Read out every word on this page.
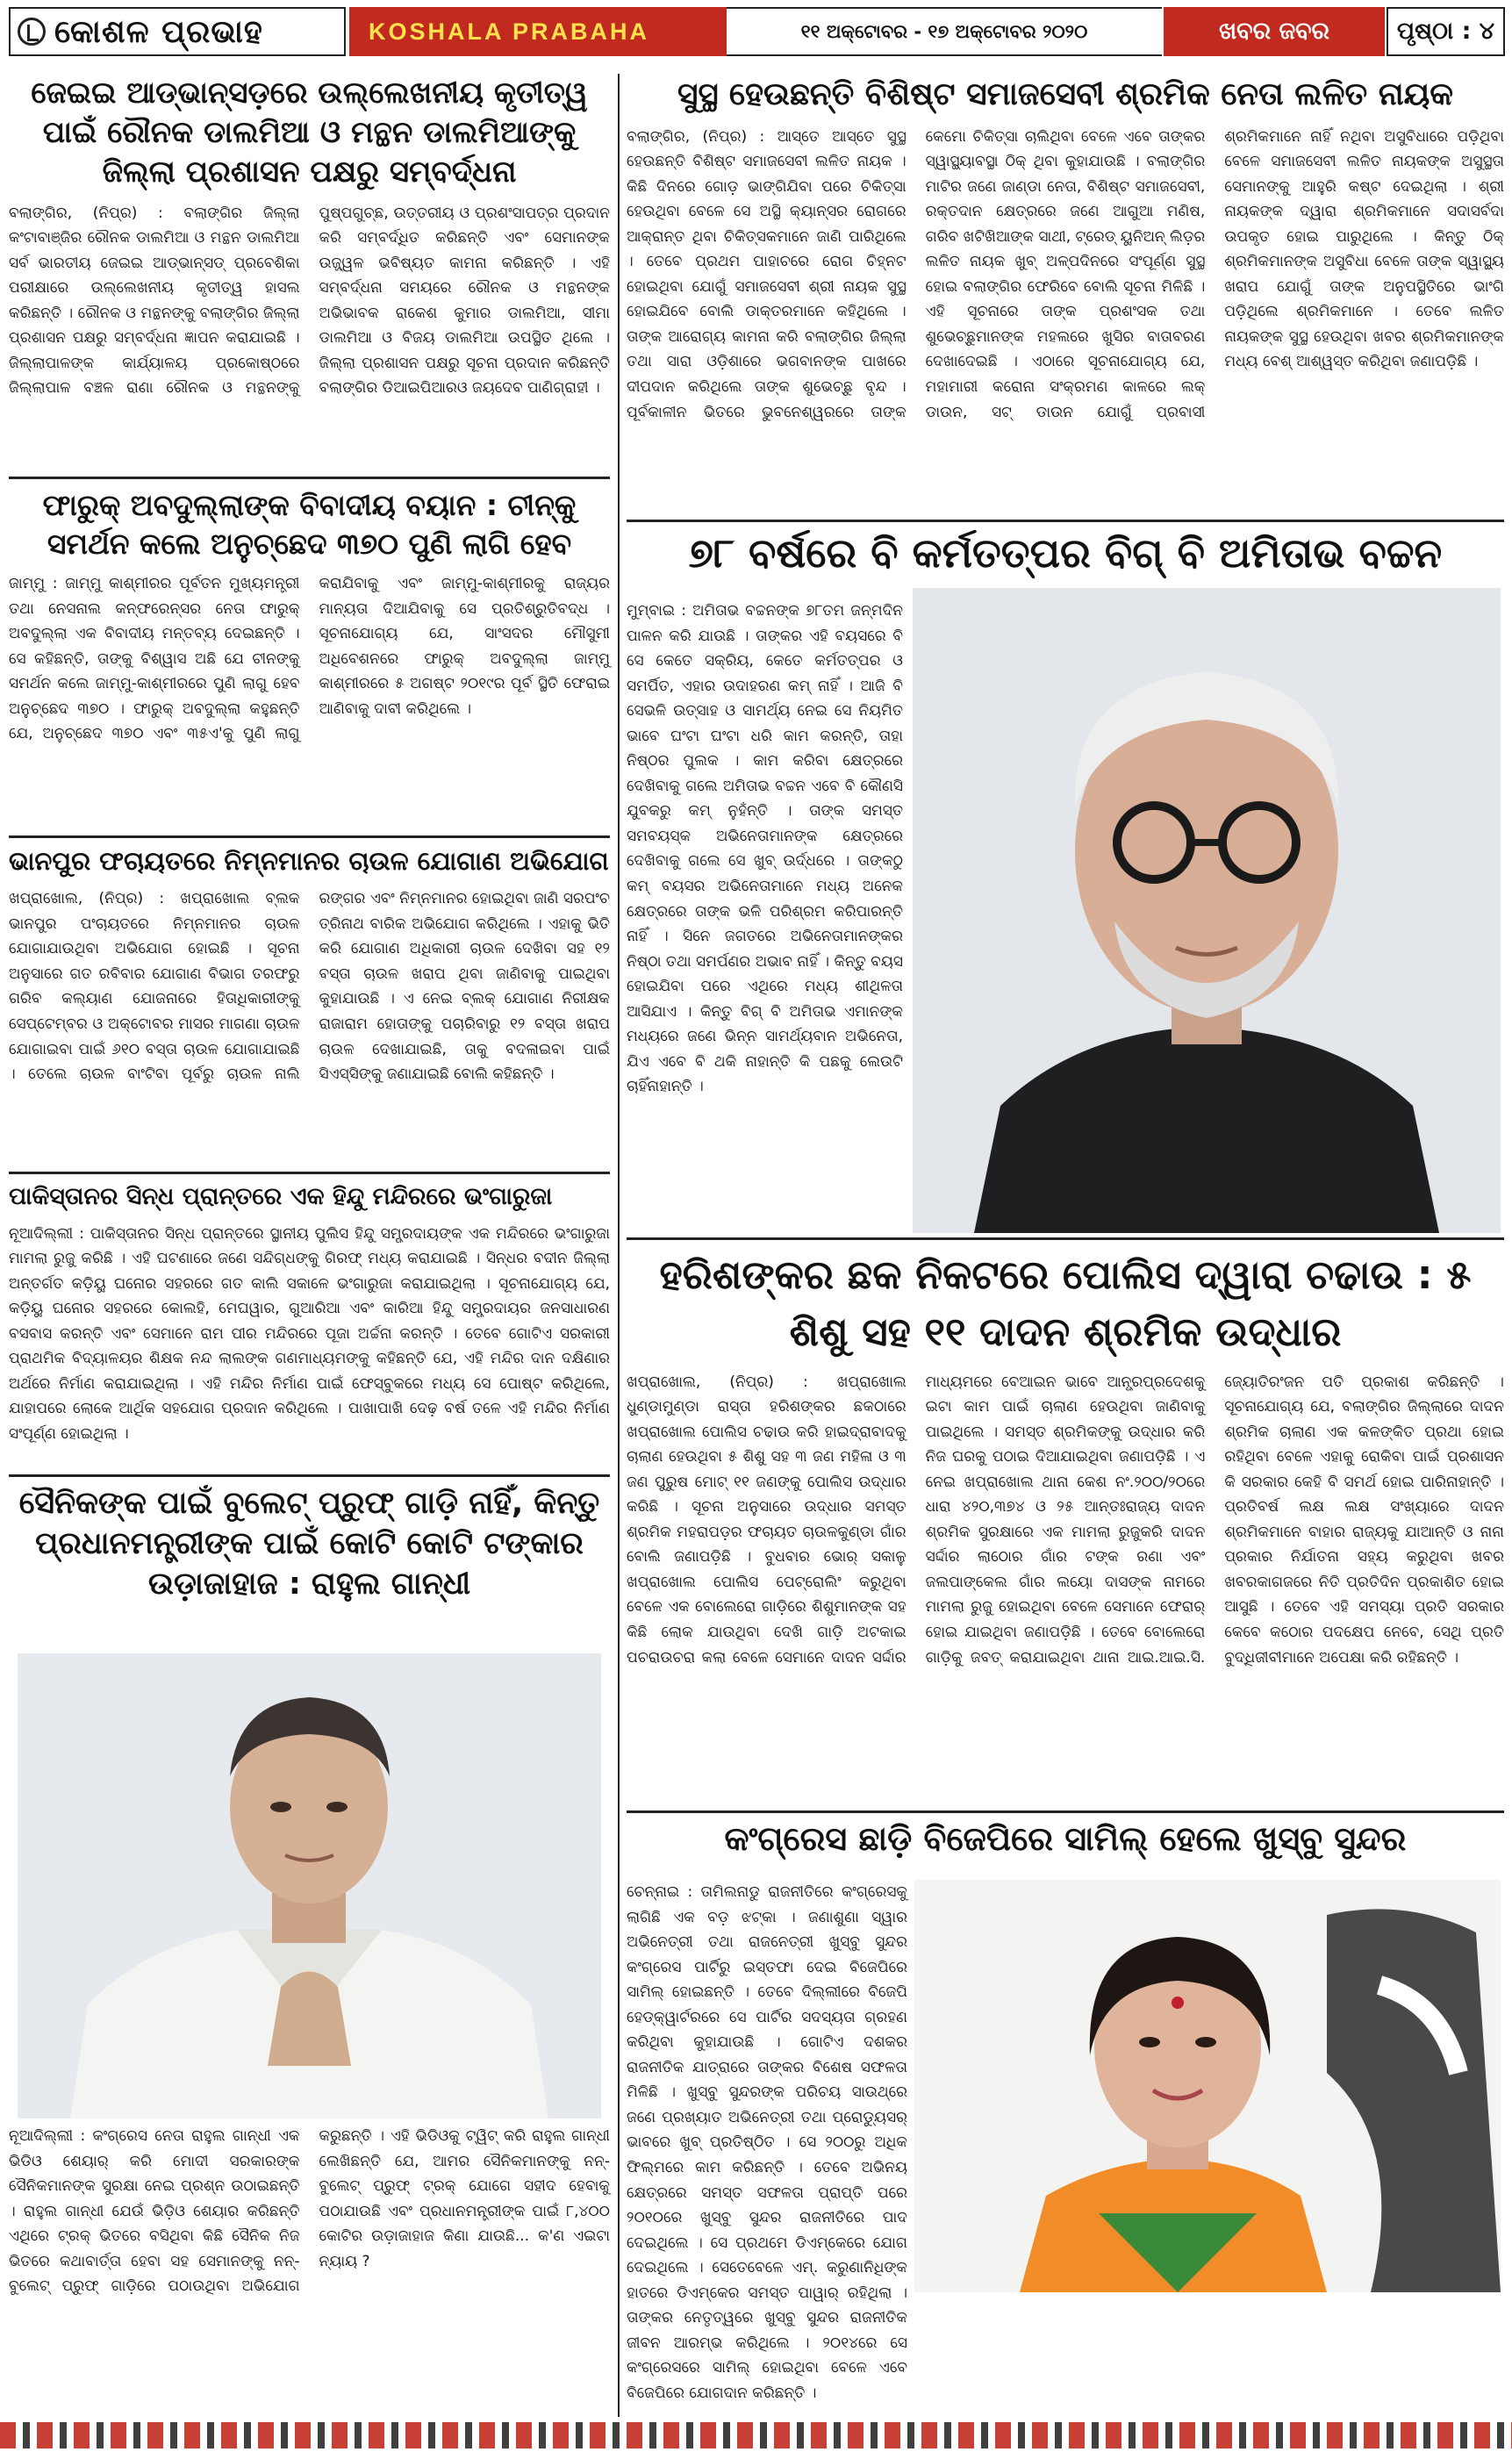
କୋଶଳ ପ୍ରଭାହ	KOSHALA PRABAHA	୧୧ ଅକ୍ଟୋବର - ୧୭ ଅକ୍ଟୋବର ୨୦୨୦	ଖବର ଜବର	ପୃଷ୍ଠା : ୪
ଜେଇଇ ଆଡ୍‌ଭାନ୍ସଡ଼ରେ ଉଲ୍ଲେଖନୀୟ କୃତୀତ୍ୱ ପାଇଁ ରୌନକ ଡାଲମିଆ ଓ ମନ୍ଥନ ଡାଲମିଆଙ୍କୁ ଜିଲ୍ଲା ପ୍ରଶାସନ ପକ୍ଷରୁ ସମ୍ବର୍ଦ୍ଧନା
ବଲାଙ୍ଗିର, (ନିପ୍ର) : ବଲାଙ୍ଗିର ଜିଲ୍ଲା କଂଟାବାଞ୍ଜିର ରୌନକ ଡାଲମିଆ ଓ ମନ୍ଥନ ଡାଲମିଆ ସର୍ବ ଭାରତୀୟ ଜେଇଇ ଆଡ୍‌ଭାନ୍ସଡ୍ ପ୍ରବେଶିକା ପରୀକ୍ଷାରେ ଉଲ୍ଲେଖନୀୟ କୃତୀତ୍ୱ ହାସଲ କରିଛନ୍ତି । ରୌନକ ଓ ମନ୍ଥନଙ୍କୁ ବଲାଙ୍ଗିର ଜିଲ୍ଲା ପ୍ରଶାସନ ପକ୍ଷରୁ ସମ୍ବର୍ଦ୍ଧନା ଜ୍ଞାପନ କରାଯାଇଛି । ଜିଲ୍ଲାପାଳଙ୍କ କାର୍ଯ୍ୟାଳୟ ପ୍ରକୋଷ୍ଠରେ ଜିଲ୍ଲାପାଳ ବଞ୍ଚଳ ରାଣା ରୌନକ ଓ ମନ୍ଥନଙ୍କୁ ପୁଷ୍ପଗୁଚ୍ଛ, ଉତ୍ତରୀୟ ଓ ପ୍ରଶଂସାପତ୍ର ପ୍ରଦାନ କରି ସମ୍ବର୍ଦ୍ଧିତ କରିଛନ୍ତି ଏବଂ ସେମାନଙ୍କ ଉଜ୍ଜ୍ୱଳ ଭବିଷ୍ୟତ କାମନା କରିଛନ୍ତି । ଏହି ସମ୍ବର୍ଦ୍ଧନା ସମୟରେ ରୌନକ ଓ ମନ୍ଥନଙ୍କ ଅଭିଭାବକ ରାକେଶ କୁମାର ଡାଲମିଆ, ସୀମା ଡାଲମିଆ ଓ ବିଜୟ ଡାଲମିଆ ଉପସ୍ଥିତ ଥିଲେ । ଜିଲ୍ଲା ପ୍ରଶାସନ ପକ୍ଷରୁ ସୂଚନା ପ୍ରଦାନ କରିଛନ୍ତି ବଲାଙ୍ଗିର ଡିଆଇପିଆରଓ ଜୟଦେବ ପାଣିଗ୍ରାହୀ ।
ଫାରୁକ୍ ଅବଦୁଲ୍ଲାଙ୍କ ବିବାଦୀୟ ବୟାନ : ଚୀନ୍‌କୁ ସମର୍ଥନ କଲେ ଅନୁଚ୍ଛେଦ ୩୭୦ ପୁଣି ଲାଗି ହେବ
ଜାମ୍ମୁ : ଜାମ୍ମୁ କାଶ୍ମୀରର ପୂର୍ବତନ ମୁଖ୍ୟମନ୍ତ୍ରୀ ତଥା ନେସନାଲ କନ୍‌ଫରେନ୍ସର ନେତା ଫାରୁକ୍ ଅବଦୁଲ୍ଲା ଏକ ବିବାଦୀୟ ମନ୍ତବ୍ୟ ଦେଇଛନ୍ତି । ସେ କହିଛନ୍ତି, ତାଙ୍କୁ ବିଶ୍ୱାସ ଅଛି ଯେ ଚୀନଙ୍କୁ ସମର୍ଥନ କଲେ ଜାମ୍ମୁ-କାଶ୍ମୀରରେ ପୁଣି ଲାଗୁ ହେବ ଅନୁଚ୍ଛେଦ ୩୭୦ । ଫାରୁକ୍ ଅବଦୁଲ୍ଲା କହୁଛନ୍ତି ଯେ, ଅନୁଚ୍ଛେଦ ୩୭୦ ଏବଂ ୩୫ଏ'କୁ ପୁଣି ଲାଗୁ କରାଯିବାକୁ ଏବଂ ଜାମ୍ମୁ-କାଶ୍ମୀରକୁ ରାଜ୍ୟର ମାନ୍ୟତା ଦିଆଯିବାକୁ ସେ ପ୍ରତିଶ୍ରୁତିବଦ୍ଧ । ସୂଚନାଯୋଗ୍ୟ ଯେ, ସାଂସଦର ମୌସୁମୀ ଅଧିବେଶନରେ ଫାରୁକ୍ ଅବଦୁଲ୍ଲା ଜାମ୍ମୁ କାଶ୍ମୀରରେ ୫ ଅଗଷ୍ଟ ୨୦୧୯ର ପୂର୍ବ ସ୍ଥିତି ଫେରାଇ ଆଣିବାକୁ ଦାବୀ କରିଥିଲେ ।
ଭାନପୁର ଫଚାୟତରେ ନିମ୍ନମାନର ଚାଉଳ ଯୋଗାଣ ଅଭିଯୋଗ
ଖପ୍ରାଖୋଲ, (ନିପ୍ର) : ଖପ୍ରାଖୋଲ ବ୍ଲକ ଭାନପୁର ପଂଚାୟତରେ ନିମ୍ନମାନର ଚାଉଳ ଯୋଗାଯାଉଥିବା ଅଭିଯୋଗ ହୋଇଛି । ସୂଚନା ଅନୁସାରେ ଗତ ରବିବାର ଯୋଗାଣ ବିଭାଗ ତରଫରୁ ଗରିବ କଲ୍ୟାଣ ଯୋଜନାରେ ହିତାଧିକାରୀଙ୍କୁ ସେପ୍ଟେମ୍ବର ଓ ଅକ୍ଟୋବର ମାସର ମାଗଣା ଚାଉଳ ଯୋଗାଇବା ପାଇଁ ୬୧୦ ବସ୍ତା ଚାଉଳ ଯୋଗାଯାଇଛି । ତେଲେ ଚାଉଳ ବାଂଟିବା ପୂର୍ବରୁ ଚାଉଳ ନାଲି ରଙ୍ଗର ଏବଂ ନିମ୍ନମାନର ହୋଇଥିବା ଜାଣି ସରପଂଚ ତ୍ରିନାଥ ବାରିକ ଅଭିଯୋଗ କରିଥିଲେ । ଏହାକୁ ଭିତି କରି ଯୋଗାଣ ଅଧିକାରୀ ଚାଉଳ ଦେଖିବା ସହ ୧୨ ବସ୍ତା ଚାଉଳ ଖରାପ ଥିବା ଜାଣିବାକୁ ପାଇଥିବା କୁହାଯାଉଛି । ଏ ନେଇ ବ୍ଲକ୍ ଯୋଗାଣ ନିରୀକ୍ଷକ ରାଜାରାମ ହୋତାଙ୍କୁ ପଚାରିବାରୁ ୧୨ ବସ୍ତା ଖରାପ ଚାଉଳ ଦେଖାଯାଇଛି, ତାକୁ ବଦଳାଇବା ପାଇଁ ସିଏସ୍‌ସିଙ୍କୁ ଜଣାଯାଇଛି ବୋଲି କହିଛନ୍ତି ।
ପାକିସ୍ତାନର ସିନ୍ଧ ପ୍ରାନ୍ତରେ ଏକ ହିନ୍ଦୁ ମନ୍ଦିରରେ ଭଂଗାରୁଜା
ନୂଆଦିଲ୍ଲୀ : ପାକିସ୍ତାନର ସିନ୍ଧ ପ୍ରାନ୍ତରେ ସ୍ଥାନୀୟ ପୁଲିସ ହିନ୍ଦୁ ସମ୍ପ୍ରଦାୟଙ୍କ ଏକ ମନ୍ଦିରରେ ଭଂଗାରୁଜା ମାମଲା ରୁଜୁ କରିଛି । ଏହି ଘଟଣାରେ ଜଣେ ସନ୍ଦିଗ୍ଧଙ୍କୁ ଗିରଫ୍ ମଧ୍ୟ କରାଯାଇଛି । ସିନ୍ଧର ବଦୀନ ଜିଲ୍ଲା ଅନ୍ତର୍ଗତ କଡ଼ିୟୁ ଘନୋର ସହରରେ ଗତ କାଲି ସକାଳେ ଭଂଗାରୁଜା କରାଯାଇଥିଲା । ସୂଚନାଯୋଗ୍ୟ ଯେ, କଡ଼ିୟୁ ଘନୋର ସହରରେ କୋଲହି, ମେଘୱାର, ଗୁଆରିଆ ଏବଂ କାରିଆ ହିନ୍ଦୁ ସମ୍ପ୍ରଦାୟର ଜନସାଧାରଣ ବସବାସ କରନ୍ତି ଏବଂ ସେମାନେ ରାମ ପୀର ମନ୍ଦିରରେ ପୂଜା ଅର୍ଚ୍ଚନା କରନ୍ତି । ତେବେ ଗୋଟିଏ ସରକାରୀ ପ୍ରାଥମିକ ବିଦ୍ୟାଳୟର ଶିକ୍ଷକ ନନ୍ଦ ଲାଲଙ୍କ ଗଣମାଧ୍ୟମଙ୍କୁ କହିଛନ୍ତି ଯେ, ଏହି ମନ୍ଦିର ଦାନ ଦକ୍ଷିଣାର ଅର୍ଥରେ ନିର୍ମାଣ କରାଯାଇଥିଲା । ଏହି ମନ୍ଦିର ନିର୍ମାଣ ପାଇଁ ଫେସ୍‌ବୁକରେ ମଧ୍ୟ ସେ ପୋଷ୍ଟ କରିଥିଲେ, ଯାହାପରେ ଲୋକେ ଆର୍ଥିକ ସହଯୋଗ ପ୍ରଦାନ କରିଥିଲେ । ପାଖାପାଖି ଦେଢ଼ ବର୍ଷ ତଳେ ଏହି ମନ୍ଦିର ନିର୍ମାଣ ସଂପୂର୍ଣ୍ଣ ହୋଇଥିଲା ।
ସୈନିକଙ୍କ ପାଇଁ ବୁଲେଟ୍ ପ୍ରୁଫ୍ ଗାଡ଼ି ନାହିଁ, କିନ୍ତୁ ପ୍ରଧାନମନ୍ତ୍ରୀଙ୍କ ପାଇଁ କୋଟି କୋଟି ଟଙ୍କାର ଉଡ଼ାଜାହାଜ : ରାହୁଲ ଗାନ୍ଧୀ
ନୂଆଦିଲ୍ଲୀ : କଂଗ୍ରେସ ନେତା ରାହୁଲ ଗାନ୍ଧୀ ଏକ ଭିଡିଓ ଶେୟାର୍ କରି ମୋଦୀ ସରକାରଙ୍କ ସୈନିକମାନଙ୍କ ସୁରକ୍ଷା ନେଇ ପ୍ରଶ୍ନ ଉଠାଇଛନ୍ତି । ରାହୁଲ ଗାନ୍ଧୀ ଯେଉଁ ଭିଡ଼ିଓ ଶେୟାର କରିଛନ୍ତି ଏଥିରେ ଟ୍ରକ୍ ଭିତରେ ବସିଥିବା କିଛି ସୈନିକ ନିଜ ଭିତରେ କଥାବାର୍ତ୍ତା ହେବା ସହ ସେମାନଙ୍କୁ ନନ୍-ବୁଲେଟ୍ ପ୍ରୁଫ୍ ଗାଡ଼ିରେ ପଠାଉଥିବା ଅଭିଯୋଗ କରୁଛନ୍ତି । ଏହି ଭିଡିଓକୁ ଟ୍ୱିଟ୍ କରି ରାହୁଲ ଗାନ୍ଧୀ ଲେଖିଛନ୍ତି ଯେ, ଆମର ସୈନିକମାନଙ୍କୁ ନନ୍-ବୁଲେଟ୍ ପ୍ରୁଫ୍ ଟ୍ରକ୍ ଯୋଗେ ସହୀଦ ହେବାକୁ ପଠାଯାଉଛି ଏବଂ ପ୍ରଧାନମନ୍ତ୍ରୀଙ୍କ ପାଇଁ ୮,୪୦୦ କୋଟିର ଉଡ଼ାଜାହାଜ କିଣା ଯାଉଛି... କ'ଣ ଏଇଟା ନ୍ୟାୟ ?
ସୁସ୍ଥ ହେଉଛନ୍ତି ବିଶିଷ୍ଟ ସମାଜସେବୀ ଶ୍ରମିକ ନେତା ଲଳିତ ନାୟକ
ବଲାଙ୍ଗିର, (ନିପ୍ର) : ଆସ୍ତେ ଆସ୍ତେ ସୁସ୍ଥ ହେଉଛନ୍ତି ବିଶିଷ୍ଟ ସମାଜସେବୀ ଲଳିତ ନାୟକ । କିଛି ଦିନରେ ଗୋଡ଼ ଭାଙ୍ଗିଯିବା ପରେ ଚିକିତ୍ସା ହେଉଥିବା ବେଳେ ସେ ଅସ୍ଥି କ୍ୟାନ୍ସର ରୋଗରେ ଆକ୍ରାନ୍ତ ଥିବା ଚିକିତ୍ସକମାନେ ଜାଣି ପାରିଥିଲେ । ତେବେ ପ୍ରଥମ ପାହାଚରେ ରୋଗ ଚିହ୍ନଟ ହୋଇଥିବା ଯୋଗୁଁ ସମାଜସେବୀ ଶ୍ରୀ ନାୟକ ସୁସ୍ଥ ହୋଇଯିବେ ବୋଲି ଡାକ୍ତରମାନେ କହିଥିଲେ । ତାଙ୍କ ଆରୋଗ୍ୟ କାମନା କରି ବଲାଙ୍ଗିର ଜିଲ୍ଲା ତଥା ସାରା ଓଡ଼ିଶାରେ ଭଗବାନଙ୍କ ପାଖରେ ଦୀପଦାନ କରିଥିଲେ ତାଙ୍କ ଶୁଭେଚ୍ଛୁ ବୃନ୍ଦ । ପୂର୍ବକାଳୀନ ଭିତରେ ଭୁବନେଶ୍ୱରରେ ତାଙ୍କ କେମୋ ଚିକିତ୍ସା ଚାଲିଥିବା ବେଳେ ଏବେ ତାଙ୍କର ସ୍ୱାସ୍ଥ୍ୟାବସ୍ଥା ଠିକ୍ ଥିବା କୁହାଯାଉଛି । ବଲାଙ୍ଗିର ମାଟିର ଜଣେ ଜାଣ୍ଡା ନେତା, ବିଶିଷ୍ଟ ସମାଜସେବୀ, ରକ୍ତଦାନ କ୍ଷେତ୍ରରେ ଜଣେ ଆଗୁଆ ମଣିଷ, ଗରିବ ଖଟିଖିଆଙ୍କ ସାଥୀ, ଟ୍ରେଡ୍ ୟୁନିଅନ୍ ଲିଡ଼ର ଲଳିତ ନାୟକ ଖୁବ୍ ଅଳ୍ପଦିନରେ ସଂପୂର୍ଣ୍ଣ ସୁସ୍ଥ ହୋଇ ବଲାଙ୍ଗିର ଫେରିବେ ବୋଲି ସୂଚନା ମିଳିଛି । ଏହି ସୂଚନାରେ ତାଙ୍କ ପ୍ରଶଂସକ ତଥା ଶୁଭେଚ୍ଛୁମାନଙ୍କ ମହଲରେ ଖୁସିର ବାତାବରଣ ଦେଖାଦେଇଛି । ଏଠାରେ ସୂଚନାଯୋଗ୍ୟ ଯେ, ମହାମାରୀ କରୋନା ସଂକ୍ରମଣ କାଳରେ ଲକ୍ ଡାଉନ, ସଟ୍ ଡାଉନ ଯୋଗୁଁ ପ୍ରବାସୀ ଶ୍ରମିକମାନେ ନାହିଁ ନଥିବା ଅସୁବିଧାରେ ପଡ଼ିଥିବା ବେଳେ ସମାଜସେବୀ ଲଳିତ ନାୟକଙ୍କ ଅସୁସ୍ଥତା ସେମାନଙ୍କୁ ଆହୁରି କଷ୍ଟ ଦେଇଥିଲା । ଶ୍ରୀ ନାୟକଙ୍କ ଦ୍ୱାରା ଶ୍ରମିକମାନେ ସଦାସର୍ବଦା ଉପକୃତ ହୋଇ ପାରୁଥିଲେ । କିନ୍ତୁ ଠିକ୍ ଶ୍ରମିକମାନଙ୍କ ଅସୁବିଧା ବେଳେ ତାଙ୍କ ସ୍ୱାସ୍ଥ୍ୟ ଖରାପ ଯୋଗୁଁ ତାଙ୍କ ଅନୁପସ୍ଥିତିରେ ଭାଂଗି ପଡ଼ିଥିଲେ ଶ୍ରମିକମାନେ । ତେବେ ଲଳିତ ନାୟକଙ୍କ ସୁସ୍ଥ ହେଉଥିବା ଖବର ଶ୍ରମିକମାନଙ୍କ ମଧ୍ୟ ବେଶ୍ ଆଶ୍ୱସ୍ତ କରିଥିବା ଜଣାପଡ଼ିଛି ।
୭୮ ବର୍ଷରେ ବି କର୍ମତତ୍ପର ବିଗ୍ ବି ଅମିତାଭ ବଚ୍ଚନ
ମୁମ୍ବାଇ : ଅମିତାଭ ବଚ୍ଚନଙ୍କ ୭୮ତମ ଜନ୍ମଦିନ ପାଳନ କରି ଯାଉଛି । ତାଙ୍କର ଏହି ବୟସରେ ବି ସେ କେତେ ସକ୍ରିୟ, କେତେ କର୍ମତତ୍ପର ଓ ସମର୍ପିତ, ଏହାର ଉଦାହରଣ କମ୍ ନାହିଁ । ଆଜି ବି ସେଭଳି ଉତ୍ସାହ ଓ ସାମର୍ଥ୍ୟ ନେଇ ସେ ନିୟମିତ ଭାବେ ଘଂଟା ଘଂଟା ଧରି କାମ କରନ୍ତି, ତାହା ନିଷ୍ଠର ପୁଲକ । କାମ କରିବା କ୍ଷେତ୍ରରେ ଦେଖିବାକୁ ଗଲେ ଅମିତାଭ ବଚ୍ଚନ ଏବେ ବି କୌଣସି ଯୁବକରୁ କମ୍ ନୁହଁନ୍ତି । ତାଙ୍କ ସମସ୍ତ ସମବୟସ୍କ ଅଭିନେତାମାନଙ୍କ କ୍ଷେତ୍ରରେ ଦେଖିବାକୁ ଗଲେ ସେ ଖୁବ୍ ଉର୍ଦ୍ଧରେ । ତାଙ୍କଠୁ କମ୍ ବୟସର ଅଭିନେତାମାନେ ମଧ୍ୟ ଅନେକ କ୍ଷେତ୍ରରେ ତାଙ୍କ ଭଳି ପରିଶ୍ରମ କରିପାରନ୍ତି ନାହିଁ । ସିନେ ଜଗତରେ ଅଭିନେତାମାନଙ୍କର ନିଷ୍ଠା ତଥା ସମର୍ପଣର ଅଭାବ ନାହିଁ । କିନ୍ତୁ ବୟସ ହୋଇଯିବା ପରେ ଏଥିରେ ମଧ୍ୟ ଶୀଥିଳତା ଆସିଯାଏ । କିନ୍ତୁ ବିଗ୍ ବି ଅମିତାଭ ଏମାନଙ୍କ ମଧ୍ୟରେ ଜଣେ ଭିନ୍ନ ସାମର୍ଥ୍ୟବାନ ଅଭିନେତା, ଯିଏ ଏବେ ବି ଥକି ନାହାନ୍ତି କି ପଛକୁ ଲେଉଟି ଚାହିଁନାହାନ୍ତି ।
ହରିଶଙ୍କର ଛକ ନିକଟରେ ପୋଲିସ ଦ୍ୱାରା ଚଢାଉ : ୫ ଶିଶୁ ସହ ୧୧ ଦାଦନ ଶ୍ରମିକ ଉଦ୍ଧାର
ଖପ୍ରାଖୋଲ, (ନିପ୍ର) : ଖପ୍ରାଖୋଲ ଧୁଣ୍ଡାମୁଣ୍ଡା ରାସ୍ତା ହରିଶଙ୍କର ଛକଠାରେ ଖପ୍ରାଖୋଲ ପୋଲିସ ଚଢାଉ କରି ହାଇଦ୍ରାବାଦକୁ ଚାଲାଣ ହେଉଥିବା ୫ ଶିଶୁ ସହ ୩ ଜଣ ମହିଳା ଓ ୩ ଜଣ ପୁରୁଷ ମୋଟ୍ ୧୧ ଜଣଙ୍କୁ ପୋଲିସ ଉଦ୍ଧାର କରିଛି । ସୂଚନା ଅନୁସାରେ ଉଦ୍ଧାର ସମସ୍ତ ଶ୍ରମିକ ମହରାପଡ଼ର ଫଚାୟତ ଚାଉଳକୁଣ୍ଡା ଗାଁର ବୋଲି ଜଣାପଡ଼ିଛି । ବୁଧବାର ଭୋର୍ ସକାଳୁ ଖପ୍ରାଖୋଲ ପୋଲିସ ପେଟ୍ରୋଲିଂ କରୁଥିବା ବେଳେ ଏକ ବୋଲେରୋ ଗାଡ଼ିରେ ଶିଶୁମାନଙ୍କ ସହ କିଛି ଲୋକ ଯାଉଥିବା ଦେଖି ଗାଡ଼ି ଅଟକାଇ ପଚରାଉଚରା କଲା ବେଳେ ସେମାନେ ଦାଦନ ସର୍ଦ୍ଦାର ମାଧ୍ୟମରେ ବେଆଇନ ଭାବେ ଆନ୍ଧ୍ରପ୍ରଦେଶକୁ ଇଟା କାମ ପାଇଁ ଚାଲାଣ ହେଉଥିବା ଜାଣିବାକୁ ପାଇଥିଲେ । ସମସ୍ତ ଶ୍ରମିକଙ୍କୁ ଉଦ୍ଧାର କରି ନିଜ ଘରକୁ ପଠାଇ ଦିଆଯାଇଥିବା ଜଣାପଡ଼ିଛି । ଏ ନେଇ ଖପ୍ରାଖୋଲ ଥାନା କେଶ ନଂ.୨୦୦/୨୦ରେ ଧାରା ୪୨୦,୩୭୪ ଓ ୨୫ ଆନ୍ତଃରାଜ୍ୟ ଦାଦନ ଶ୍ରମିକ ସୁରକ୍ଷାରେ ଏକ ମାମଲା ରୁଜୁକରି ଦାଦନ ସର୍ଦ୍ଦାର ଲାଠୋର ଗାଁର ଟଙ୍କ ରଣା ଏବଂ ଜଲପାଙ୍କେଲ ଗାଁର ଲୟୋ ଦାସଙ୍କ ନାମରେ ମାମଲା ରୁଜୁ ହୋଇଥିବା ବେଳେ ସେମାନେ ଫେରାର୍ ହୋଇ ଯାଇଥିବା ଜଣାପଡ଼ିଛି । ତେବେ ବୋଲେରୋ ଗାଡ଼ିକୁ ଜବତ୍ କରାଯାଇଥିବା ଥାନା ଆଇ.ଆଇ.ସି. ଜ୍ୟୋତିରଂଜନ ପତି ପ୍ରକାଶ କରିଛନ୍ତି । ସୂଚନାଯୋଗ୍ୟ ଯେ, ବଲାଙ୍ଗିର ଜିଲ୍ଲାରେ ଦାଦନ ଶ୍ରମିକ ଚାଲାଣ ଏକ କଳଙ୍କିତ ପ୍ରଥା ହୋଇ ରହିଥିବା ବେଳେ ଏହାକୁ ରୋକିବା ପାଇଁ ପ୍ରଶାସନ କି ସରକାର କେହି ବି ସମର୍ଥ ହୋଇ ପାରିନାହାନ୍ତି । ପ୍ରତିବର୍ଷ ଲକ୍ଷ ଲକ୍ଷ ସଂଖ୍ୟାରେ ଦାଦନ ଶ୍ରମିକମାନେ ବାହାର ରାଜ୍ୟକୁ ଯାଆନ୍ତି ଓ ନାନା ପ୍ରକାର ନିର୍ଯାତନା ସହ୍ୟ କରୁଥିବା ଖବର ଖବରକାଗଜରେ ନିତି ପ୍ରତିଦିନ ପ୍ରକାଶିତ ହୋଇ ଆସୁଛି । ତେବେ ଏହି ସମସ୍ୟା ପ୍ରତି ସରକାର କେବେ କଠୋର ପଦକ୍ଷେପ ନେବେ, ସେଥି ପ୍ରତି ବୁଦ୍ଧିଜୀବୀମାନେ ଅପେକ୍ଷା କରି ରହିଛନ୍ତି ।
କଂଗ୍ରେସ ଛାଡ଼ି ବିଜେପିରେ ସାମିଲ୍ ହେଲେ ଖୁସ୍‌ବୁ ସୁନ୍ଦର
ଚେନ୍ନାଇ : ତାମିଲନାଡୁ ରାଜନୀତିରେ କଂଗ୍ରେସକୁ ଲାଗିଛି ଏକ ବଡ଼ ଝଟ୍‌କା । ଜଣାଶୁଣା ସ୍ୱାର ଅଭିନେତ୍ରୀ ତଥା ରାଜନେତ୍ରୀ ଖୁସ୍‌ବୁ ସୁନ୍ଦର କଂଗ୍ରେସ ପାର୍ଟିରୁ ଇସ୍ତଫା ଦେଇ ବିଜେପିରେ ସାମିଲ୍ ହୋଇଛନ୍ତି । ତେବେ ଦିଲ୍ଲୀରେ ବିଜେପି ହେଡ୍‌କ୍ୱାର୍ଟରରେ ସେ ପାର୍ଟିର ସଦସ୍ୟତା ଗ୍ରହଣ କରିଥିବା କୁହାଯାଉଛି । ଗୋଟିଏ ଦଶକର ରାଜନୀତିକ ଯାତ୍ରାରେ ତାଙ୍କର ବିଶେଷ ସଫଳତା ମିଳିଛି । ଖୁସ୍‌ବୁ ସୁନ୍ଦରଙ୍କ ପରିଚୟ ସାଉଥ୍‌ରେ ଜଣେ ପ୍ରଖ୍ୟାତ ଅଭିନେତ୍ରୀ ତଥା ପ୍ରୋଡ୍ୟୁସର୍ ଭାବରେ ଖୁବ୍ ପ୍ରତିଷ୍ଠିତ । ସେ ୨୦୦ରୁ ଅଧିକ ଫିଲ୍ମରେ କାମ କରିଛନ୍ତି । ତେବେ ଅଭିନୟ କ୍ଷେତ୍ରରେ ସମସ୍ତ ସଫଳତା ପ୍ରାପ୍ତି ପରେ ୨୦୧୦ରେ ଖୁସ୍‌ବୁ ସୁନ୍ଦର ରାଜନୀତିରେ ପାଦ ଦେଇଥିଲେ । ସେ ପ୍ରଥମେ ଡିଏମ୍‌କେରେ ଯୋଗ ଦେଇଥିଲେ । ସେତେବେଳେ ଏମ୍. କରୁଣାନିଧିଙ୍କ ହାତରେ ଡିଏମ୍‌କେର ସମସ୍ତ ପାୱାର୍ ରହିଥିଲା । ତାଙ୍କର ନେତୃତ୍ୱରେ ଖୁସ୍‌ବୁ ସୁନ୍ଦର ରାଜନୀତିକ ଜୀବନ ଆରମ୍ଭ କରିଥିଲେ । ୨୦୧୪ରେ ସେ କଂଗ୍ରେସରେ ସାମିଲ୍ ହୋଇଥିବା ବେଳେ ଏବେ ବିଜେପିରେ ଯୋଗଦାନ କରିଛନ୍ତି ।
